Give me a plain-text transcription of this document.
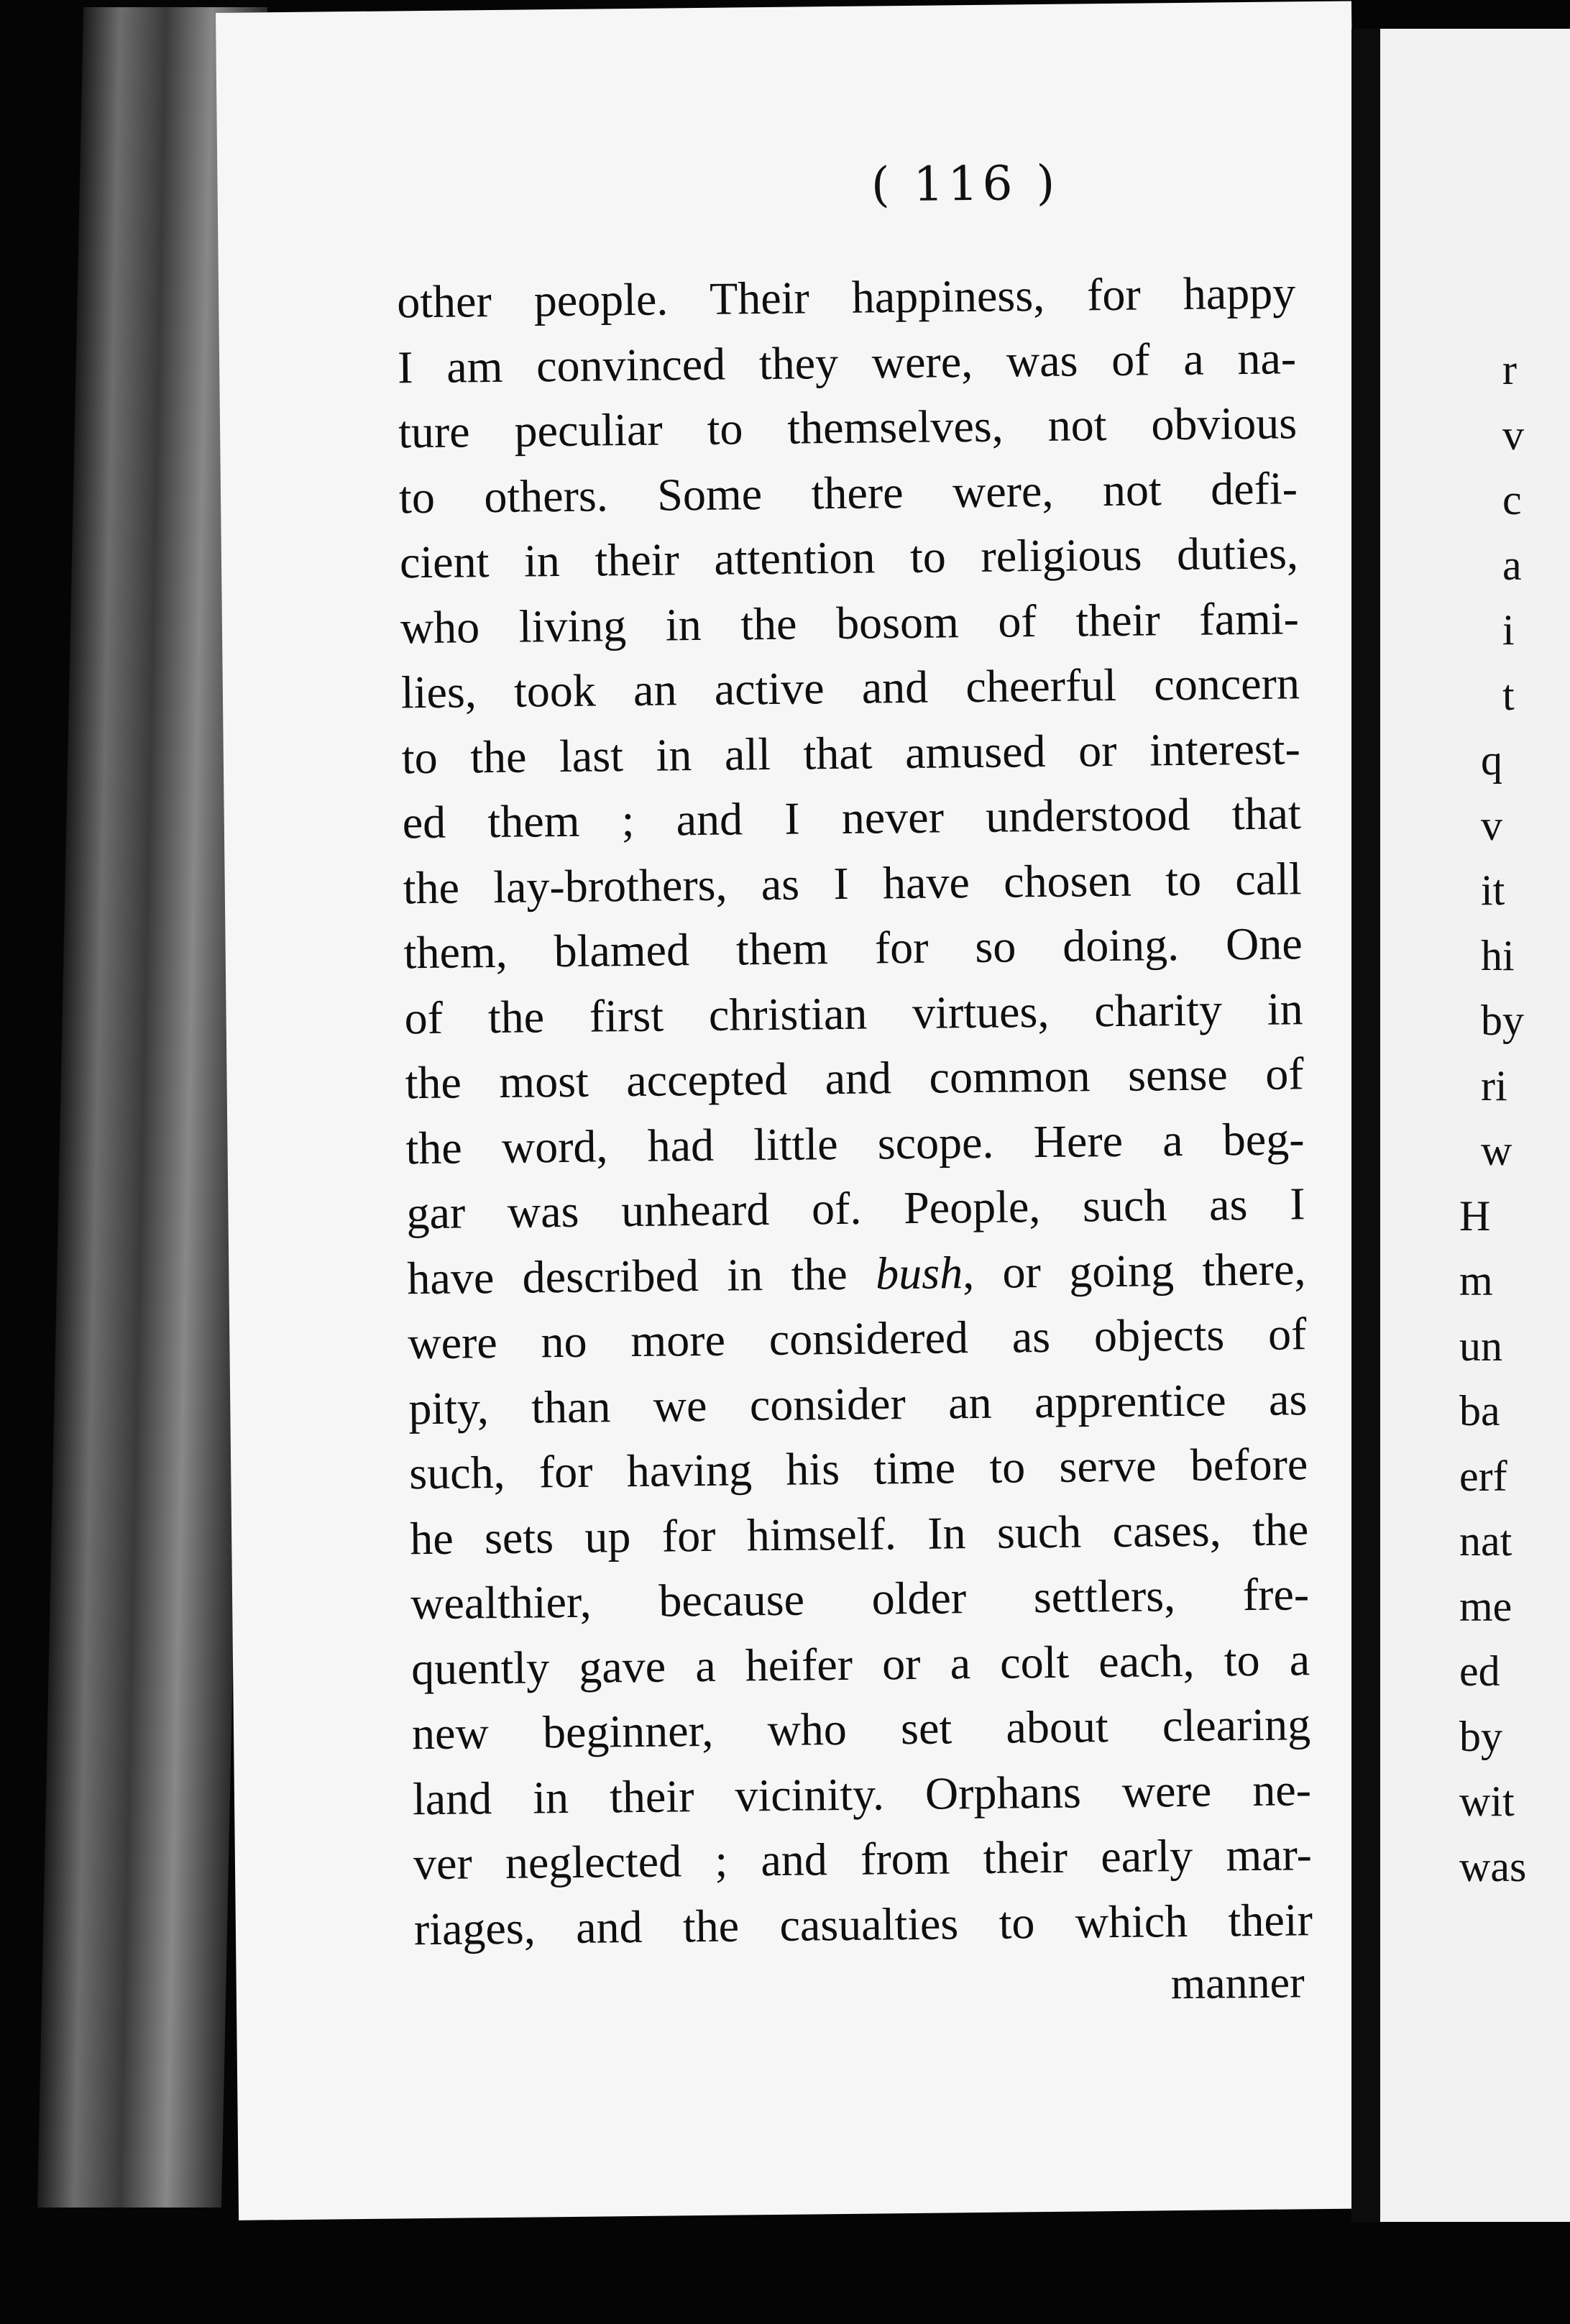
( 116 )
other people. Their happiness, for happy
I am convinced they were, was of a na-
ture peculiar to themselves, not obvious
to others. Some there were, not defi-
cient in their attention to religious duties,
who living in the bosom of their fami-
lies, took an active and cheerful concern
to the last in all that amused or interest-
ed them ; and I never understood that
the lay-brothers, as I have chosen to call
them, blamed them for so doing. One
of the first christian virtues, charity in
the most accepted and common sense of
the word, had little scope. Here a beg-
gar was unheard of. People, such as I
have described in the bush, or going there,
were no more considered as objects of
pity, than we consider an apprentice as
such, for having his time to serve before
he sets up for himself. In such cases, the
wealthier, because older settlers, fre-
quently gave a heifer or a colt each, to a
new beginner, who set about clearing
land in their vicinity. Orphans were ne-
ver neglected ; and from their early mar-
riages, and the casualties to which their
manner
r
v
c
a
i
t
q
v
it
hi
by
ri
w
H
m
un
ba
erf
nat
me
ed
by
wit
was
